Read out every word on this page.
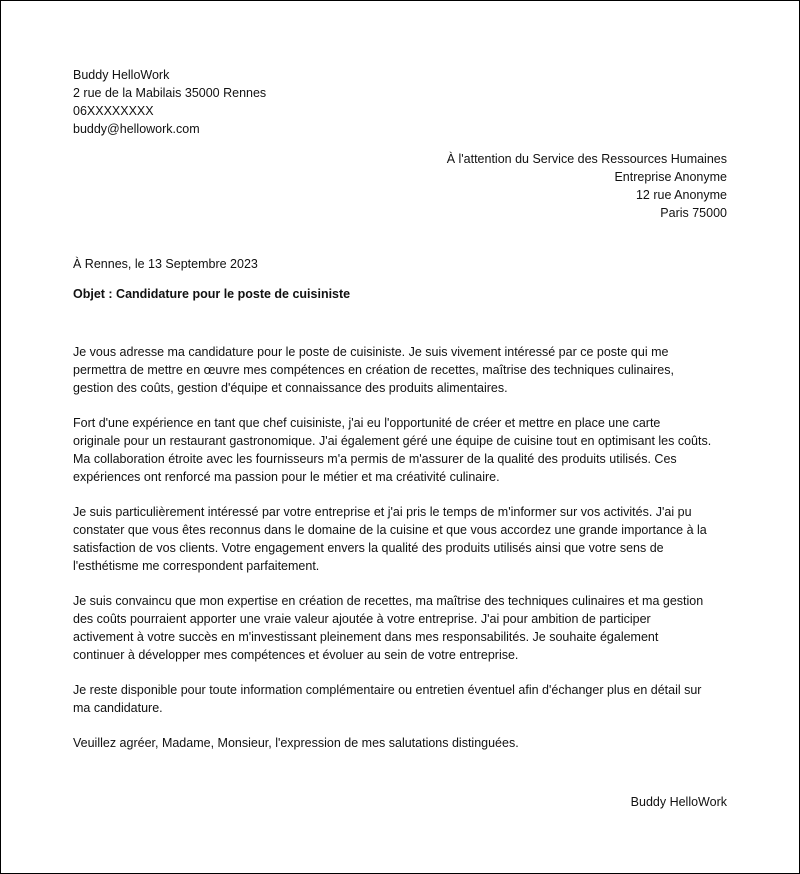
Buddy HelloWork
2 rue de la Mabilais 35000 Rennes
06XXXXXXXX
buddy@hellowork.com
À l'attention du Service des Ressources Humaines
Entreprise Anonyme
12 rue Anonyme
Paris 75000
À Rennes, le 13 Septembre 2023
Objet : Candidature pour le poste de cuisiniste

Je vous adresse ma candidature pour le poste de cuisiniste. Je suis vivement intéressé par ce poste qui me
permettra de mettre en œuvre mes compétences en création de recettes, maîtrise des techniques culinaires,
gestion des coûts, gestion d'équipe et connaissance des produits alimentaires.

Fort d'une expérience en tant que chef cuisiniste, j'ai eu l'opportunité de créer et mettre en place une carte
originale pour un restaurant gastronomique. J'ai également géré une équipe de cuisine tout en optimisant les coûts.
Ma collaboration étroite avec les fournisseurs m'a permis de m'assurer de la qualité des produits utilisés. Ces
expériences ont renforcé ma passion pour le métier et ma créativité culinaire.

Je suis particulièrement intéressé par votre entreprise et j'ai pris le temps de m'informer sur vos activités. J'ai pu
constater que vous êtes reconnus dans le domaine de la cuisine et que vous accordez une grande importance à la
satisfaction de vos clients. Votre engagement envers la qualité des produits utilisés ainsi que votre sens de
l'esthétisme me correspondent parfaitement.

Je suis convaincu que mon expertise en création de recettes, ma maîtrise des techniques culinaires et ma gestion
des coûts pourraient apporter une vraie valeur ajoutée à votre entreprise. J'ai pour ambition de participer
activement à votre succès en m'investissant pleinement dans mes responsabilités. Je souhaite également
continuer à développer mes compétences et évoluer au sein de votre entreprise.

Je reste disponible pour toute information complémentaire ou entretien éventuel afin d'échanger plus en détail sur
ma candidature.

Veuillez agréer, Madame, Monsieur, l'expression de mes salutations distinguées.

Buddy HelloWork
